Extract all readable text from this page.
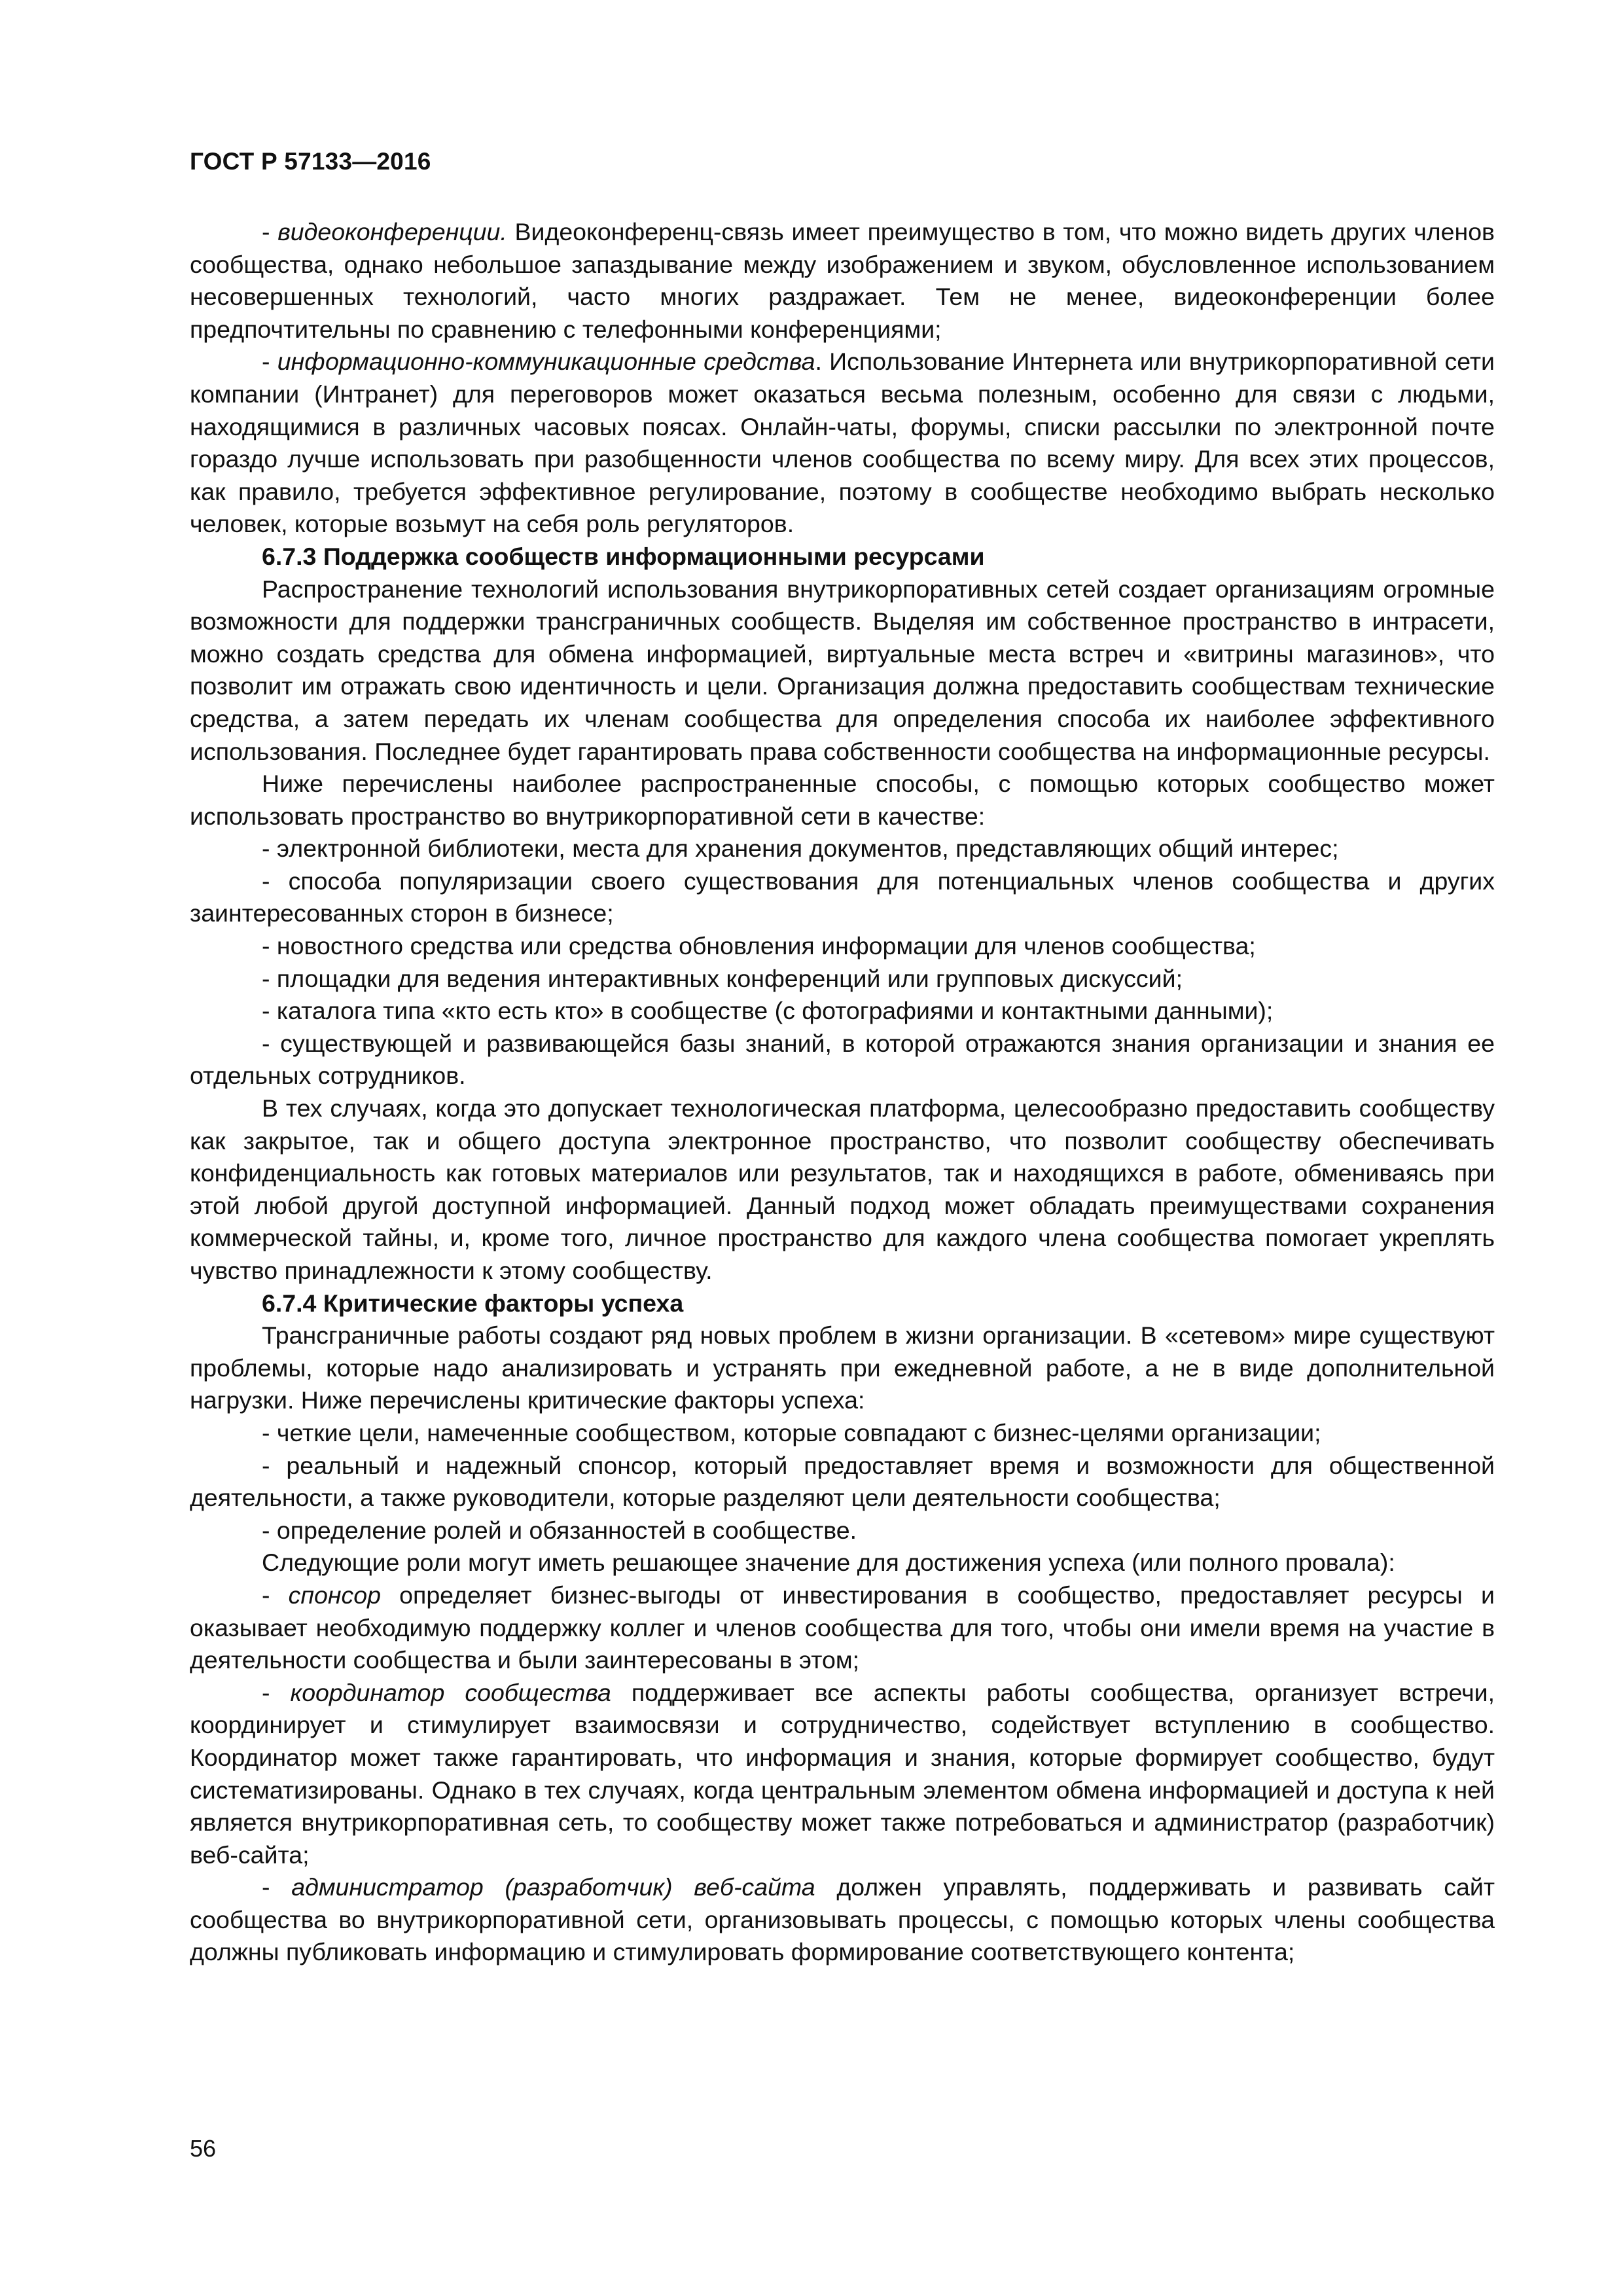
ГОСТ Р 57133—2016

- видеоконференции. Видеоконференц-связь имеет преимущество в том, что можно видеть других членов сообщества, однако небольшое запаздывание между изображением и звуком, обусловленное использованием несовершенных технологий, часто многих раздражает. Тем не менее, видеоконференции более предпочтительны по сравнению с телефонными конференциями;

- информационно-коммуникационные средства. Использование Интернета или внутрикорпоративной сети компании (Интранет) для переговоров может оказаться весьма полезным, особенно для связи с людьми, находящимися в различных часовых поясах. Онлайн-чаты, форумы, списки рассылки по электронной почте гораздо лучше использовать при разобщенности членов сообщества по всему миру. Для всех этих процессов, как правило, требуется эффективное регулирование, поэтому в сообществе необходимо выбрать несколько человек, которые возьмут на себя роль регуляторов.

6.7.3 Поддержка сообществ информационными ресурсами

Распространение технологий использования внутрикорпоративных сетей создает организациям огромные возможности для поддержки трансграничных сообществ. Выделяя им собственное пространство в интрасети, можно создать средства для обмена информацией, виртуальные места встреч и «витрины магазинов», что позволит им отражать свою идентичность и цели. Организация должна предоставить сообществам технические средства, а затем передать их членам сообщества для определения способа их наиболее эффективного использования. Последнее будет гарантировать права собственности сообщества на информационные ресурсы.

Ниже перечислены наиболее распространенные способы, с помощью которых сообщество может использовать пространство во внутрикорпоративной сети в качестве:

- электронной библиотеки, места для хранения документов, представляющих общий интерес;

- способа популяризации своего существования для потенциальных членов сообщества и других заинтересованных сторон в бизнесе;

- новостного средства или средства обновления информации для членов сообщества;

- площадки для ведения интерактивных конференций или групповых дискуссий;

- каталога типа «кто есть кто» в сообществе (с фотографиями и контактными данными);

- существующей и развивающейся базы знаний, в которой отражаются знания организации и знания ее отдельных сотрудников.

В тех случаях, когда это допускает технологическая платформа, целесообразно предоставить сообществу как закрытое, так и общего доступа электронное пространство, что позволит сообществу обеспечивать конфиденциальность как готовых материалов или результатов, так и находящихся в работе, обмениваясь при этой любой другой доступной информацией. Данный подход может обладать преимуществами сохранения коммерческой тайны, и, кроме того, личное пространство для каждого члена сообщества помогает укреплять чувство принадлежности к этому сообществу.

6.7.4 Критические факторы успеха

Трансграничные работы создают ряд новых проблем в жизни организации. В «сетевом» мире существуют проблемы, которые надо анализировать и устранять при ежедневной работе, а не в виде дополнительной нагрузки. Ниже перечислены критические факторы успеха:

- четкие цели, намеченные сообществом, которые совпадают с бизнес-целями организации;

- реальный и надежный спонсор, который предоставляет время и возможности для общественной деятельности, а также руководители, которые разделяют цели деятельности сообщества;

- определение ролей и обязанностей в сообществе.

Следующие роли могут иметь решающее значение для достижения успеха (или полного провала):

- спонсор определяет бизнес-выгоды от инвестирования в сообщество, предоставляет ресурсы и оказывает необходимую поддержку коллег и членов сообщества для того, чтобы они имели время на участие в деятельности сообщества и были заинтересованы в этом;

- координатор сообщества поддерживает все аспекты работы сообщества, организует встречи, координирует и стимулирует взаимосвязи и сотрудничество, содействует вступлению в сообщество. Координатор может также гарантировать, что информация и знания, которые формирует сообщество, будут систематизированы. Однако в тех случаях, когда центральным элементом обмена информацией и доступа к ней является внутрикорпоративная сеть, то сообществу может также потребоваться и администратор (разработчик) веб-сайта;

- администратор (разработчик) веб-сайта должен управлять, поддерживать и развивать сайт сообщества во внутрикорпоративной сети, организовывать процессы, с помощью которых члены сообщества должны публиковать информацию и стимулировать формирование соответствующего контента;

56
